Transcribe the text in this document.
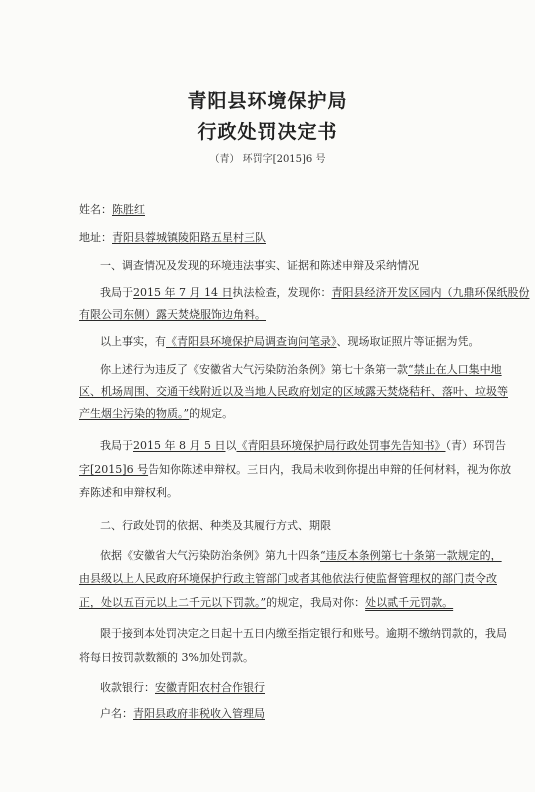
青阳县环境保护局
行政处罚决定书
（青） 环罚字[2015]6 号
姓名：陈胜红
地址：青阳县蓉城镇陵阳路五星村三队
一、调查情况及发现的环境违法事实、证据和陈述申辩及采纳情况
我局于2015 年 7 月 14 日执法检查，发现你：青阳县经济开发区园内（九鼎环保纸股份
有限公司东侧）露天焚烧服饰边角料。
以上事实，有《青阳县环境保护局调查询问笔录》、现场取证照片等证据为凭。
你上述行为违反了《安徽省大气污染防治条例》第七十条第一款“禁止在人口集中地
区、机场周围、交通干线附近以及当地人民政府划定的区域露天焚烧秸秆、落叶、垃圾等
产生烟尘污染的物质。”的规定。
我局于2015 年 8 月 5 日以《青阳县环境保护局行政处罚事先告知书》（青）环罚告
字[2015]6 号告知你陈述申辩权。三日内，我局未收到你提出申辩的任何材料，视为你放
弃陈述和申辩权利。
二、行政处罚的依据、种类及其履行方式、期限
依据《安徽省大气污染防治条例》第九十四条“违反本条例第七十条第一款规定的，
由县级以上人民政府环境保护行政主管部门或者其他依法行使监督管理权的部门责令改
正，处以五百元以上二千元以下罚款。”的规定，我局对你：处以贰千元罚款。
限于接到本处罚决定之日起十五日内缴至指定银行和账号。逾期不缴纳罚款的，我局
将每日按罚款数额的 3%加处罚款。
收款银行：安徽青阳农村合作银行
户名：青阳县政府非税收入管理局
